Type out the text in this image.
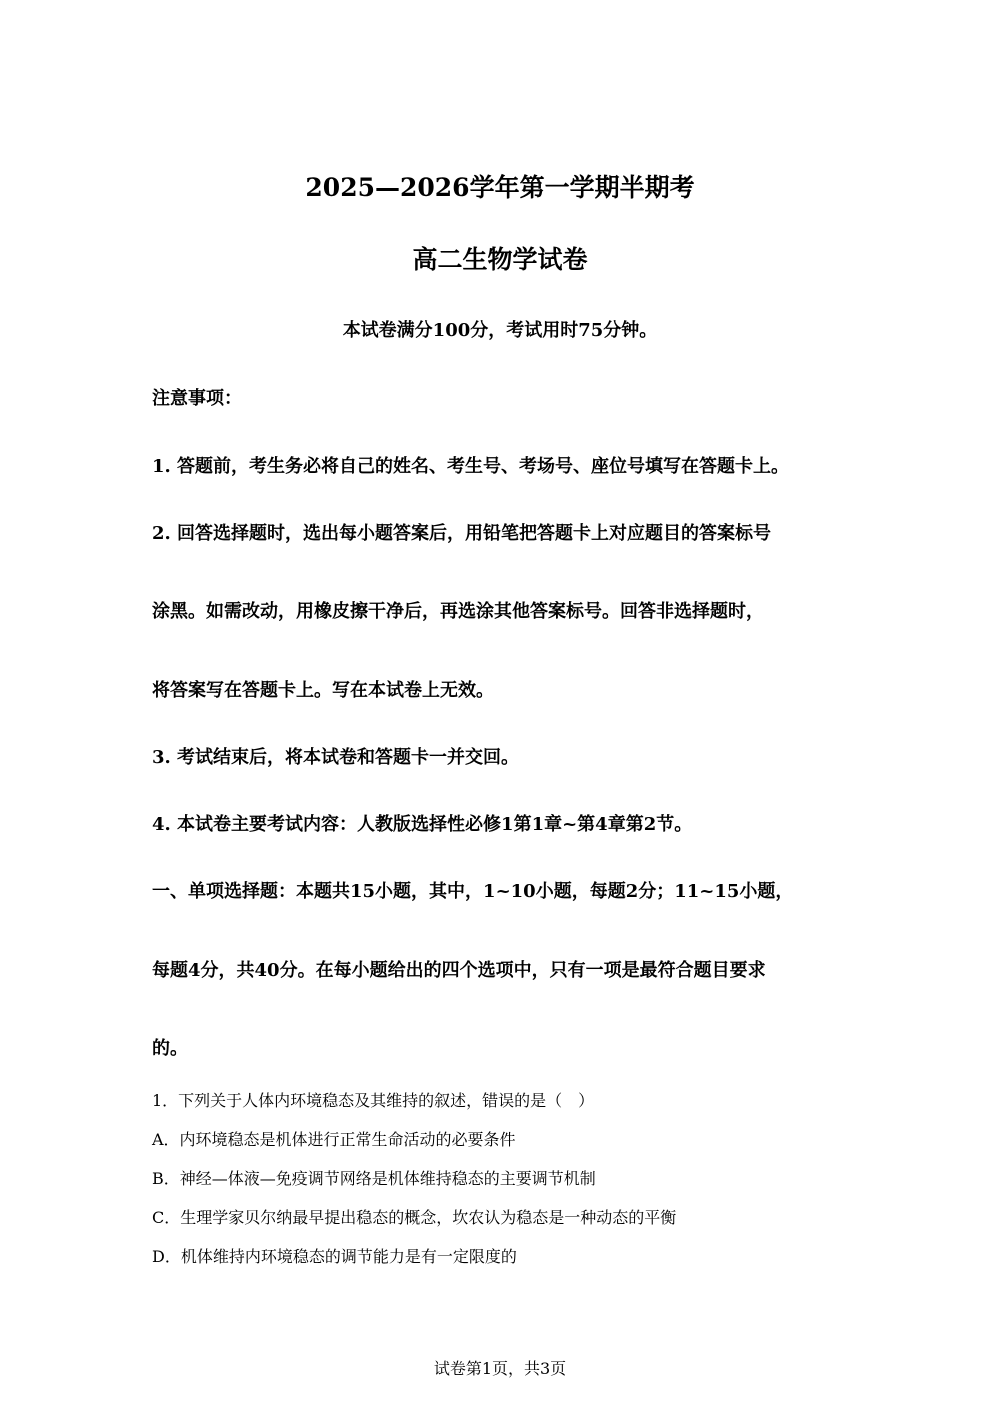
2025—2026学年第一学期半期考
高二生物学试卷
本试卷满分100分，考试用时75分钟。
注意事项：
1. 答题前，考生务必将自己的姓名、考生号、考场号、座位号填写在答题卡上。
2. 回答选择题时，选出每小题答案后，用铅笔把答题卡上对应题目的答案标号
涂黑。如需改动，用橡皮擦干净后，再选涂其他答案标号。回答非选择题时，
将答案写在答题卡上。写在本试卷上无效。
3. 考试结束后，将本试卷和答题卡一并交回。
4. 本试卷主要考试内容：人教版选择性必修1第1章~第4章第2节。
一、单项选择题：本题共15小题，其中，1~10小题，每题2分；11~15小题，
每题4分，共40分。在每小题给出的四个选项中，只有一项是最符合题目要求
的。
1．下列关于人体内环境稳态及其维持的叙述，错误的是（　）
A．内环境稳态是机体进行正常生命活动的必要条件
B．神经—体液—免疫调节网络是机体维持稳态的主要调节机制
C．生理学家贝尔纳最早提出稳态的概念，坎农认为稳态是一种动态的平衡
D．机体维持内环境稳态的调节能力是有一定限度的
试卷第1页，共3页
